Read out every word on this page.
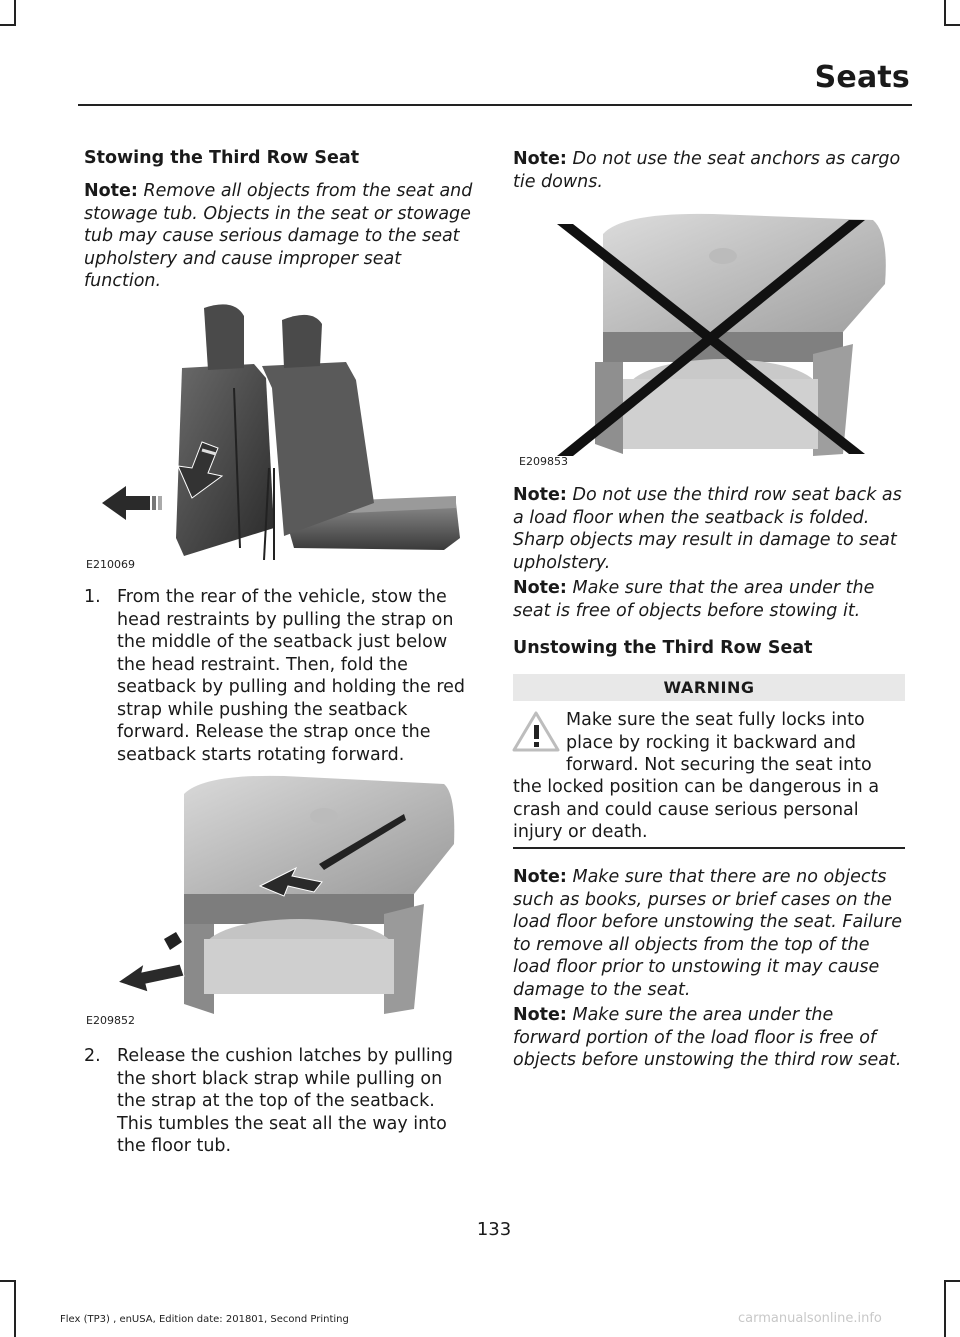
Seats
Stowing the Third Row Seat

Note: Remove all objects from the seat and stowage tub. Objects in the seat or stowage tub may cause serious damage to the seat upholstery and cause improper seat function.

E210069
1. From the rear of the vehicle, stow the head restraints by pulling the strap on the middle of the seatback just below the head restraint. Then, fold the seatback by pulling and holding the red strap while pushing the seatback forward. Release the strap once the seatback starts rotating forward.
E209852
2. Release the cushion latches by pulling the short black strap while pulling on the strap at the top of the seatback. This tumbles the seat all the way into the floor tub.

Note: Do not use the seat anchors as cargo tie downs.

E209853

Note: Do not use the third row seat back as a load floor when the seatback is folded. Sharp objects may result in damage to seat upholstery.

Note: Make sure that the area under the seat is free of objects before stowing it.

Unstowing the Third Row Seat
WARNING

Make sure the seat fully locks into place by rocking it backward and forward. Not securing the seat into

the locked position can be dangerous in a crash and could cause serious personal injury or death.

Note: Make sure that there are no objects such as books, purses or brief cases on the load floor before unstowing the seat. Failure to remove all objects from the top of the load floor prior to unstowing it may cause damage to the seat.

Note: Make sure the area under the forward portion of the load floor is free of objects before unstowing the third row seat.

133
Flex (TP3) , enUSA, Edition date: 201801, Second Printing	carmanualsonline.info
